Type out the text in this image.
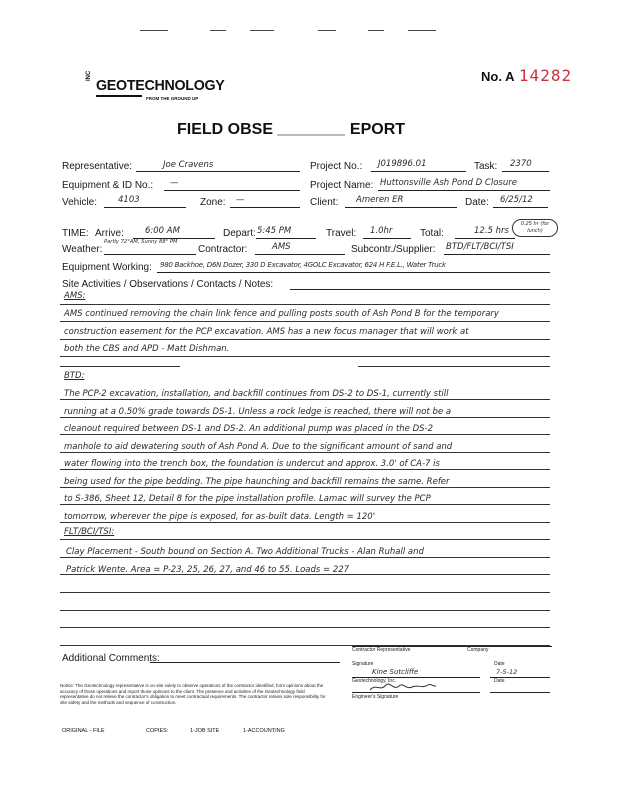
INC
GEOTECHNOLOGY
FROM THE GROUND UP
No. A 14282
FIELD OBSE	EPORT
Representative:	Joe Cravens	Project No.: J019896.01	Task: 2370
Equipment & ID No.: —	Project Name: Huttonsville Ash Pond D Closure
Vehicle: 4103	Zone: —	Client: Ameren ER	Date: 6/25/12
TIME: Arrive: 6:00 AM	Depart: 5:45 PM	Travel: 1.0hr	Total:	12.5 hrs
0.25 hr (for lunch)
Weather:
Partly 72°AM, Sunny 88° PM
Contractor:	AMS	Subcontr./Supplier: BTD/FLT/BCI/TSI
Equipment Working: 980 Backhoe, D6N Dozer, 330 D Excavator, 4GOLC Excavator, 624 H F.E.L., Water Truck
Site Activities / Observations / Contacts / Notes:
AMS:
AMS continued removing the chain link fence and pulling posts south of Ash Pond B for the temporary
construction easement for the PCP excavation. AMS has a new focus manager that will work at
both the CBS and APD - Matt Dishman.
BTD:
The PCP-2 excavation, installation, and backfill continues from DS-2 to DS-1, currently still
running at a 0.50% grade towards DS-1. Unless a rock ledge is reached, there will not be a
cleanout required between DS-1 and DS-2. An additional pump was placed in the DS-2
manhole to aid dewatering south of Ash Pond A. Due to the significant amount of sand and
water flowing into the trench box, the foundation is undercut and approx. 3.0' of CA-7 is
being used for the pipe bedding. The pipe haunching and backfill remains the same. Refer
to S-386, Sheet 12, Detail 8 for the pipe installation profile. Lamac will survey the PCP
tomorrow, wherever the pipe is exposed, for as-built data. Length = 120'
FLT/BCI/TSI:
Clay Placement - South bound on Section A. Two Additional Trucks - Alan Ruhall and
Patrick Wente. Area = P-23, 25, 26, 27, and 46 to 55. Loads = 227
Additional Comments:
Contractor Representative	Company
Signature
Kine Sutcliffe
Date
7-5-12
Geotechnology, Inc.	Date
Engineer's Signature
Notice: The Geotechnology representative is on site solely to observe operations of the contractor identified, form opinions about the accuracy of those operations and report those opinions to the client. The presence and activities of the Geotechnology field representative do not relieve the contractor's obligation to meet contractual requirements. The contractor retains sole responsibility for site safety and the methods and sequence of construction.
ORIGINAL - FILE	COPIES:	1-JOB SITE	1-ACCOUNTING
